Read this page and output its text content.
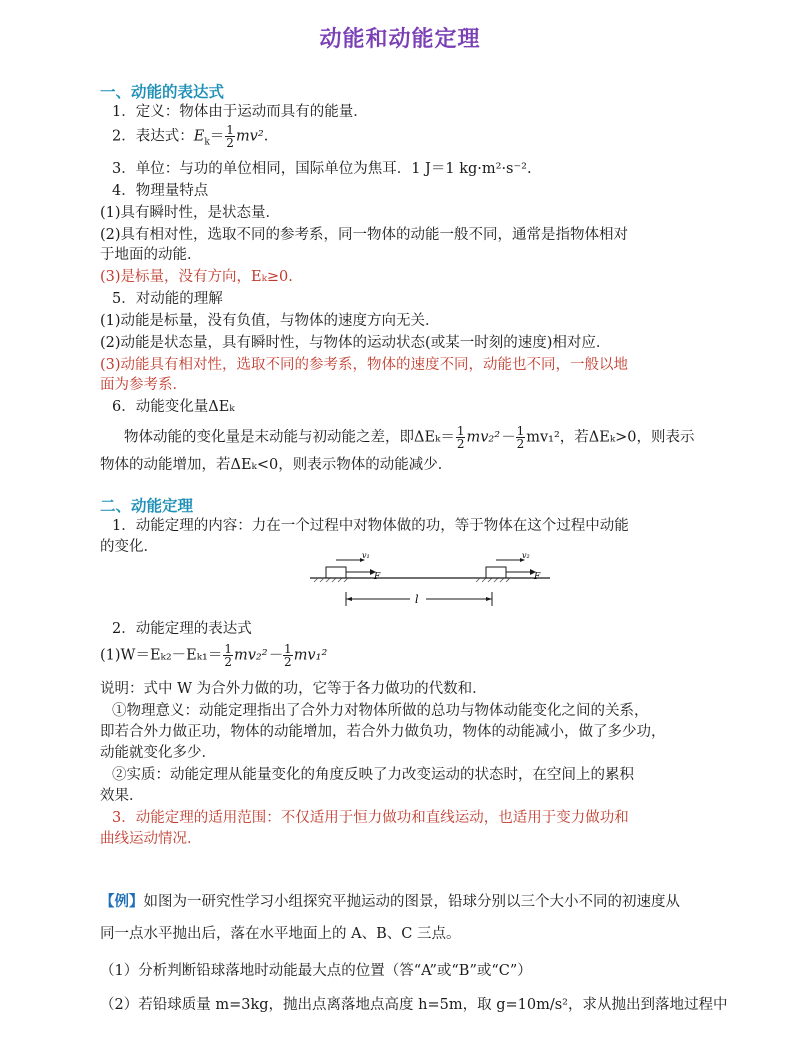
动能和动能定理
一、动能的表达式
1．定义：物体由于运动而具有的能量．
2．表达式：$E_k= \frac{1}{2} mv^2$.
3．单位：与功的单位相同，国际单位为焦耳．1 J＝1 kg·m²·s⁻².
4．物理量特点
(1)具有瞬时性，是状态量．
(2)具有相对性，选取不同的参考系，同一物体的动能一般不同，通常是指物体相对
于地面的动能．
(3)是标量，没有方向，Eₖ≥0.
5．对动能的理解
(1)动能是标量，没有负值，与物体的速度方向无关．
(2)动能是状态量，具有瞬时性，与物体的运动状态(或某一时刻的速度)相对应．
(3)动能具有相对性，选取不同的参考系，物体的速度不同，动能也不同，一般以地
面为参考系．
6．动能变化量ΔEₖ
物体动能的变化量是末动能与初动能之差，即$\Delta E_k= \frac{1}{2} mv_2^2- \frac{1}{2} mv_1^2$，若ΔEₖ>0，则表示
物体的动能增加，若ΔEₖ<0，则表示物体的动能减少．
二、动能定理
1．动能定理的内容：力在一个过程中对物体做的功，等于物体在这个过程中动能
的变化．
F
v₁
F
v₂
l
2．动能定理的表达式
$(1)W=E_{k2}-E_{k1}= \frac{1}{2} mv_2^2- \frac{1}{2} mv_1^2$
说明：式中 W 为合外力做的功，它等于各力做功的代数和．
①物理意义：动能定理指出了合外力对物体所做的总功与物体动能变化之间的关系，
即若合外力做正功，物体的动能增加，若合外力做负功，物体的动能减小，做了多少功，
动能就变化多少．
②实质：动能定理从能量变化的角度反映了力改变运动的状态时，在空间上的累积
效果．
3．动能定理的适用范围：不仅适用于恒力做功和直线运动，也适用于变力做功和
曲线运动情况．
【例】如图为一研究性学习小组探究平抛运动的图景，铅球分别以三个大小不同的初速度从
同一点水平抛出后，落在水平地面上的 A、B、C 三点。
（1）分析判断铅球落地时动能最大点的位置（答“A”或“B”或“C”）
（2）若铅球质量 m=3kg，抛出点离落地点高度 h=5m，取 g=10m/s²，求从抛出到落地过程中
